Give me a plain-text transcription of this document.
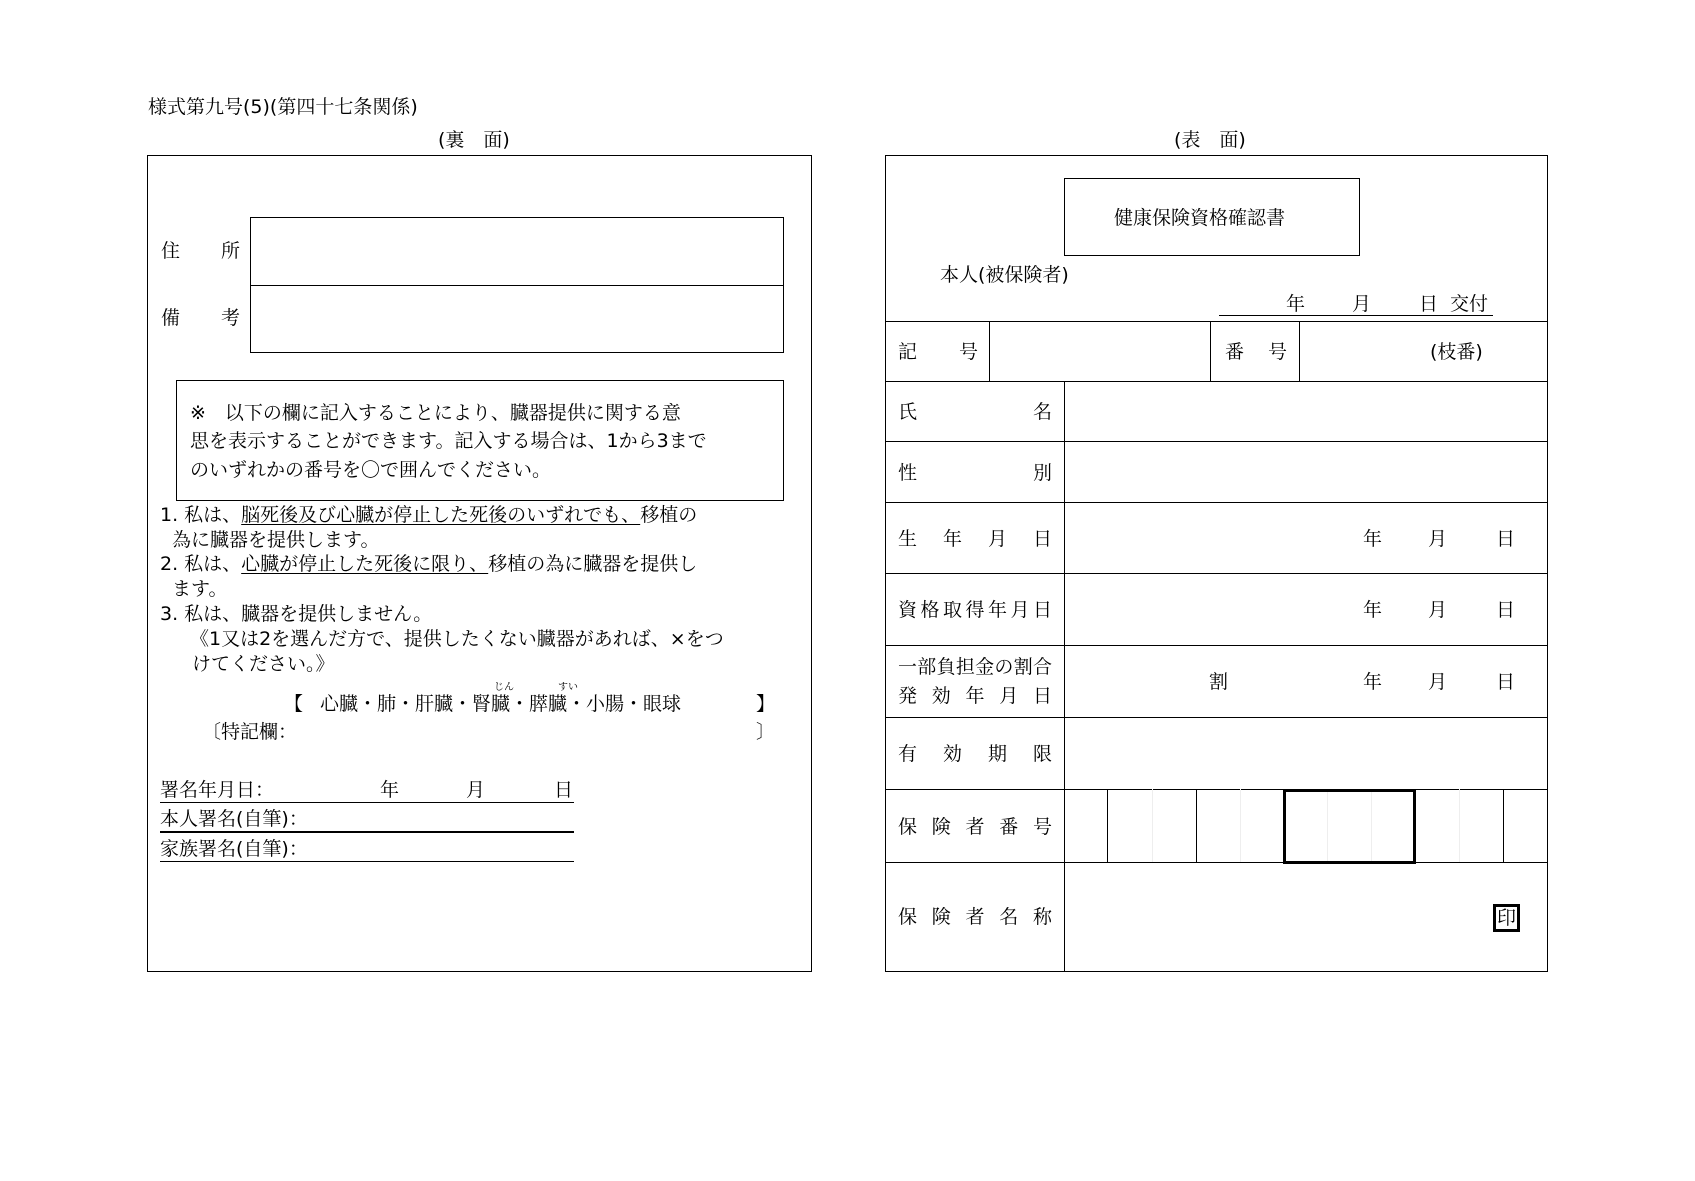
様式第九号(5)(第四十七条関係)
(裏　面)
住所
備考
※　以下の欄に記入することにより、臓器提供に関する意
思を表示することができます。記入する場合は、1から3まで
のいずれかの番号を〇で囲んでください。
1. 私は、脳死後及び心臓が停止した死後のいずれでも、移植の
為に臓器を提供します。
2. 私は、心臓が停止した死後に限り、移植の為に臓器を提供し
ます。
3. 私は、臓器を提供しません。
《1又は2を選んだ方で、提供したくない臓器があれば、×をつ
けてください。》
じん	すい
【 心臓・肺・肝臓・腎臓・膵臓・小腸・眼球	】
〔特記欄：	〕
署名年月日：	年	月	日
本人署名(自筆)：
家族署名(自筆)：
(表　面)
健康保険資格確認書
本人(被保険者)
年 月	日 交付
記号	番号	(枝番)
氏名
性別
生年月日	年 月	日
資格取得年月日	年 月	日
一部負担金の割合
発効年月日
割	年 月	日
有効期限
保険者番号
保険者名称	印
